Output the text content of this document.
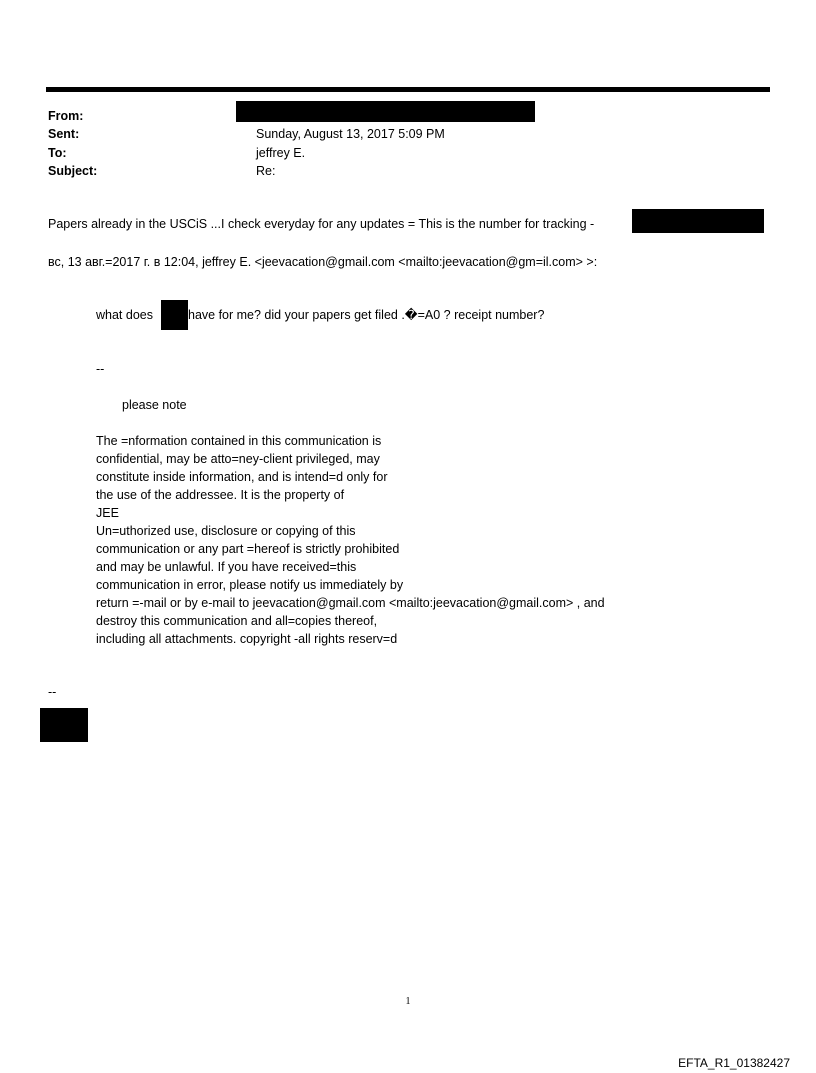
From:
Sent:	Sunday, August 13, 2017 5:09 PM
To:	jeffrey E.
Subject:	Re:
Papers already in the USCiS ...I check everyday for any updates = This is the number for tracking -
вс, 13 авг.=2017 г. в 12:04, jeffrey E. <jeevacation@gmail.com <mailto:jeevacation@gm=il.com> >:
what does	have for me? did your papers get filed .�=A0 ? receipt number?
--
please note
The =nformation contained in this communication is
confidential, may be atto=ney-client privileged, may
constitute inside information, and is intend=d only for
the use of the addressee. It is the property of
JEE
Un=uthorized use, disclosure or copying of this
communication or any part =hereof is strictly prohibited
and may be unlawful. If you have received=this
communication in error, please notify us immediately by
return =-mail or by e-mail to jeevacation@gmail.com <mailto:jeevacation@gmail.com> , and
destroy this communication and all=copies thereof,
including all attachments. copyright -all rights reserv=d
--
1
EFTA_R1_01382427
